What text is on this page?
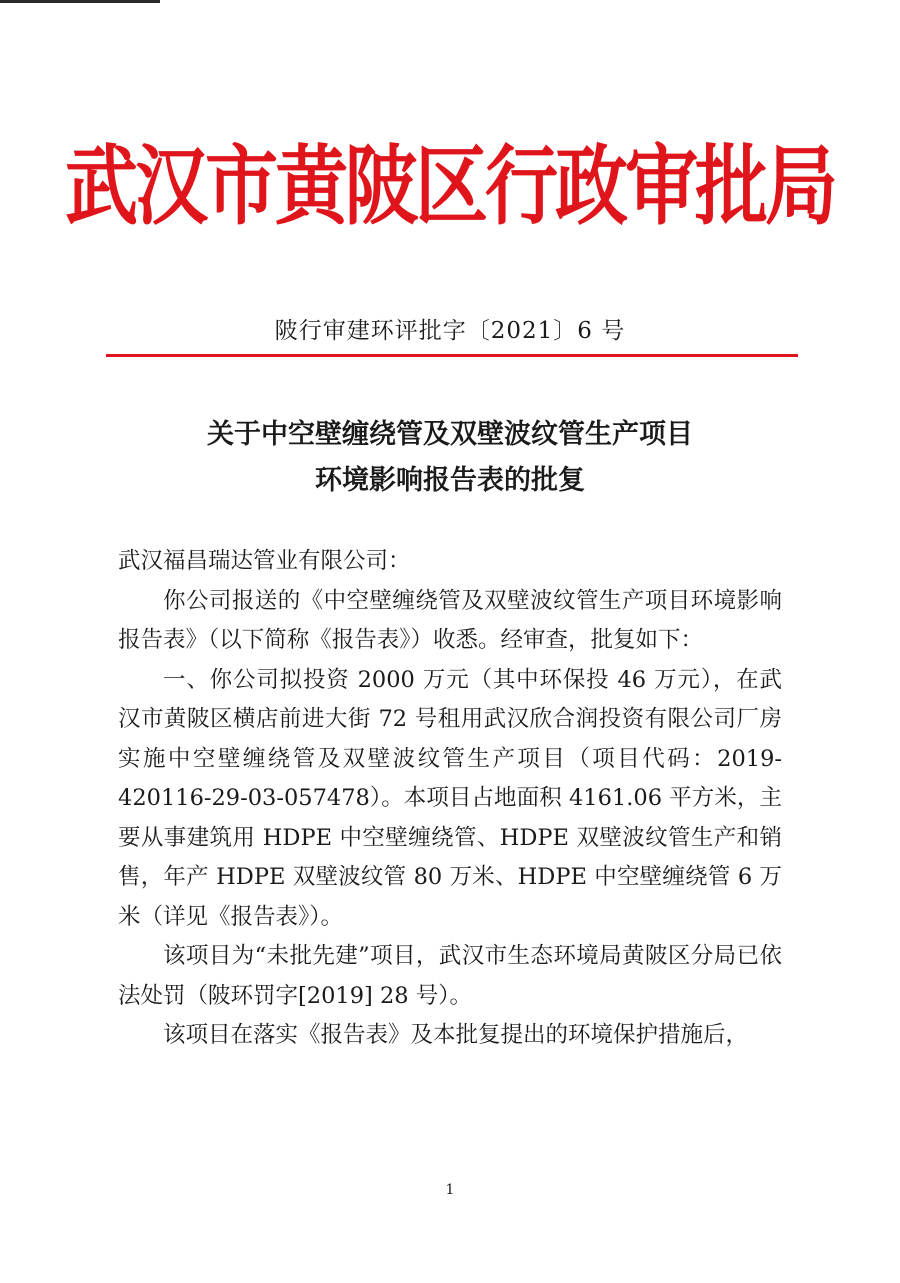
武汉市黄陂区行政审批局
陂行审建环评批字〔2021〕6 号
关于中空壁缠绕管及双壁波纹管生产项目
环境影响报告表的批复

武汉福昌瑞达管业有限公司：

你公司报送的《中空壁缠绕管及双壁波纹管生产项目环境影响报告表》（以下简称《报告表》）收悉。经审查，批复如下：

一、你公司拟投资 2000 万元（其中环保投 46 万元），在武汉市黄陂区横店前进大街 72 号租用武汉欣合润投资有限公司厂房实施中空壁缠绕管及双壁波纹管生产项目（项目代码：2019-420116-29-03-057478）。本项目占地面积 4161.06 平方米，主要从事建筑用 HDPE 中空壁缠绕管、HDPE 双壁波纹管生产和销售，年产 HDPE 双壁波纹管 80 万米、HDPE 中空壁缠绕管 6 万米（详见《报告表》）。

该项目为“未批先建”项目，武汉市生态环境局黄陂区分局已依法处罚（陂环罚字[2019] 28 号）。

该项目在落实《报告表》及本批复提出的环境保护措施后，

1
